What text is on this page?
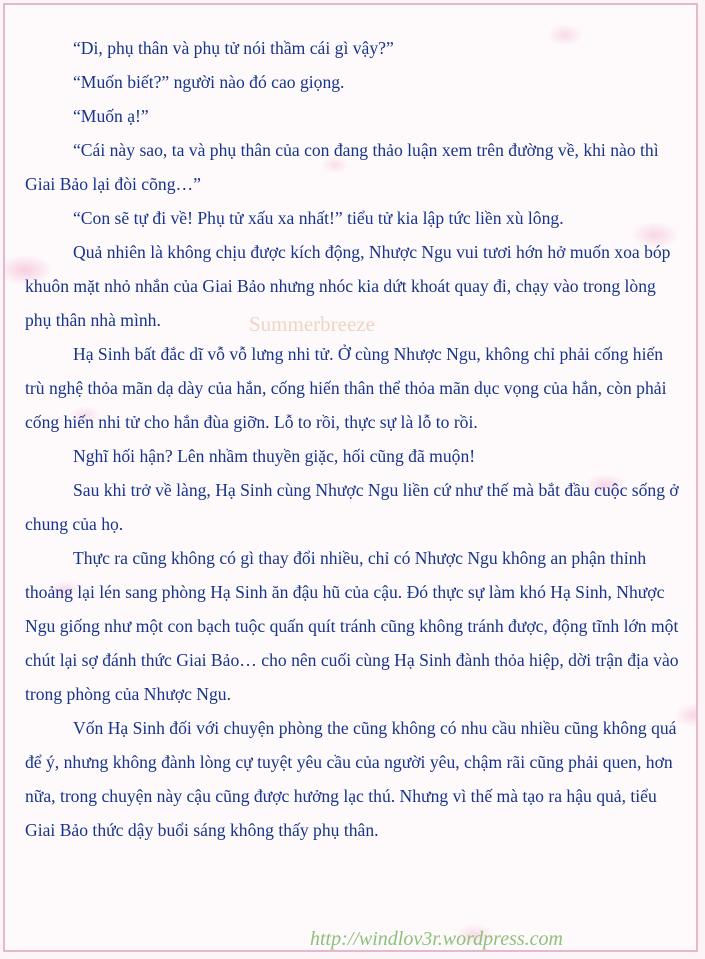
Summerbreeze

“Di, phụ thân và phụ tử nói thầm cái gì vậy?”

“Muốn biết?” người nào đó cao giọng.

“Muốn ạ!”

“Cái này sao, ta và phụ thân của con đang thảo luận xem trên đường về, khi nào thì Giai Bảo lại đòi cõng…”

“Con sẽ tự đi về! Phụ tử xấu xa nhất!” tiểu tử kia lập tức liền xù lông.

Quả nhiên là không chịu được kích động, Nhược Ngu vui tươi hớn hở muốn xoa bóp khuôn mặt nhỏ nhắn của Giai Bảo nhưng nhóc kia dứt khoát quay đi, chạy vào trong lòng phụ thân nhà mình.

Hạ Sinh bất đắc dĩ vỗ vỗ lưng nhi tử. Ở cùng Nhược Ngu, không chỉ phải cống hiến trù nghệ thỏa mãn dạ dày của hắn, cống hiến thân thể thỏa mãn dục vọng của hắn, còn phải cống hiến nhi tử cho hắn đùa giỡn. Lỗ to rồi, thực sự là lỗ to rồi.

Nghĩ hối hận? Lên nhầm thuyền giặc, hối cũng đã muộn!

Sau khi trở về làng, Hạ Sinh cùng Nhược Ngu liền cứ như thế mà bắt đầu cuộc sống ở chung của họ.

Thực ra cũng không có gì thay đổi nhiều, chỉ có Nhược Ngu không an phận thỉnh thoảng lại lén sang phòng Hạ Sinh ăn đậu hũ của cậu. Đó thực sự làm khó Hạ Sinh, Nhược Ngu giống như một con bạch tuộc quấn quít tránh cũng không tránh được, động tĩnh lớn một chút lại sợ đánh thức Giai Bảo… cho nên cuối cùng Hạ Sinh đành thỏa hiệp, dời trận địa vào trong phòng của Nhược Ngu.

Vốn Hạ Sinh đối với chuyện phòng the cũng không có nhu cầu nhiều cũng không quá để ý, nhưng không đành lòng cự tuyệt yêu cầu của người yêu, chậm rãi cũng phải quen, hơn nữa, trong chuyện này cậu cũng được hưởng lạc thú. Nhưng vì thế mà tạo ra hậu quả, tiểu Giai Bảo thức dậy buổi sáng không thấy phụ thân.

http://windlov3r.wordpress.com
